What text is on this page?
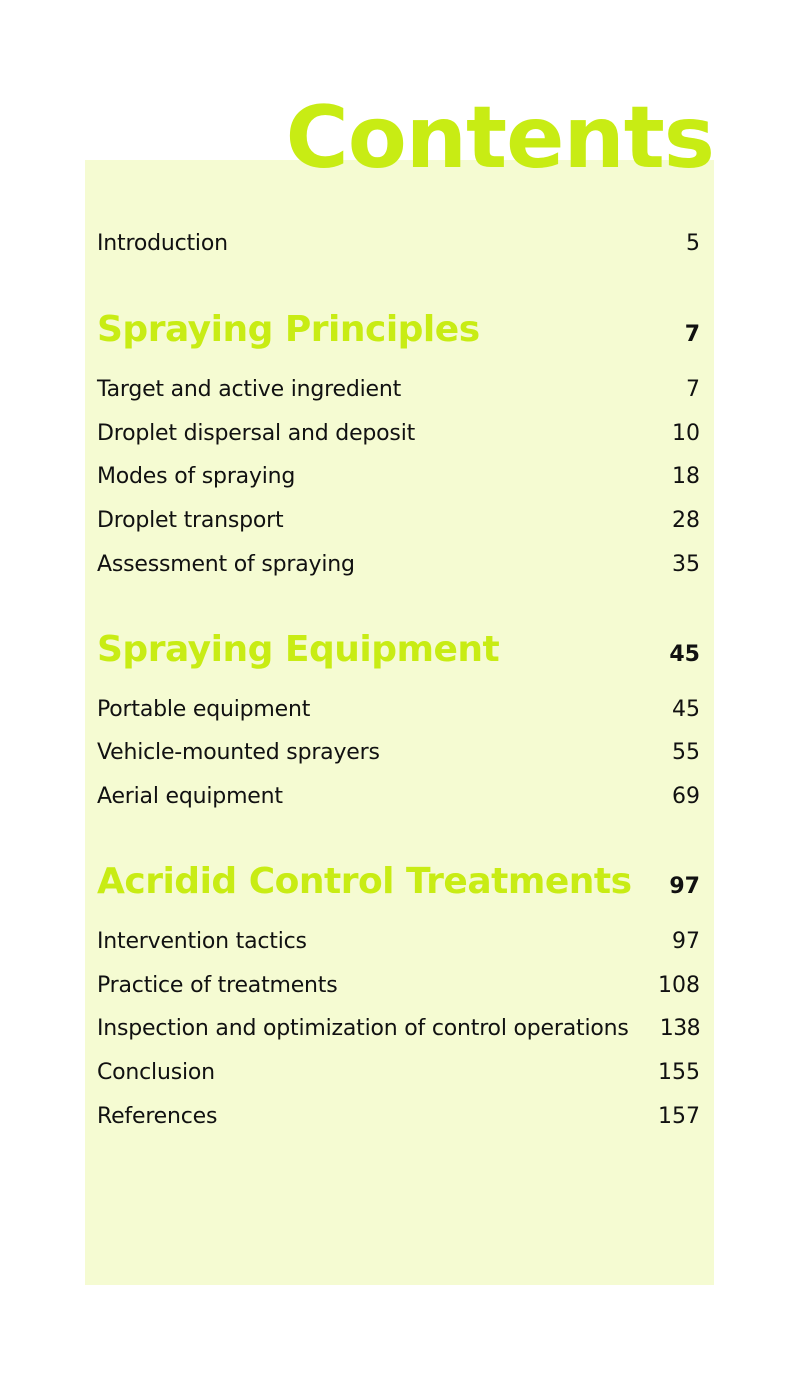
Contents
Introduction	5
Spraying Principles	7
Target and active ingredient	7
Droplet dispersal and deposit	10
Modes of spraying	18
Droplet transport	28
Assessment of spraying	35
Spraying Equipment	45
Portable equipment	45
Vehicle-mounted sprayers	55
Aerial equipment	69
Acridid Control Treatments 97
Intervention tactics	97
Practice of treatments	108
Inspection and optimization of control operations 138
Conclusion	155
References	157
